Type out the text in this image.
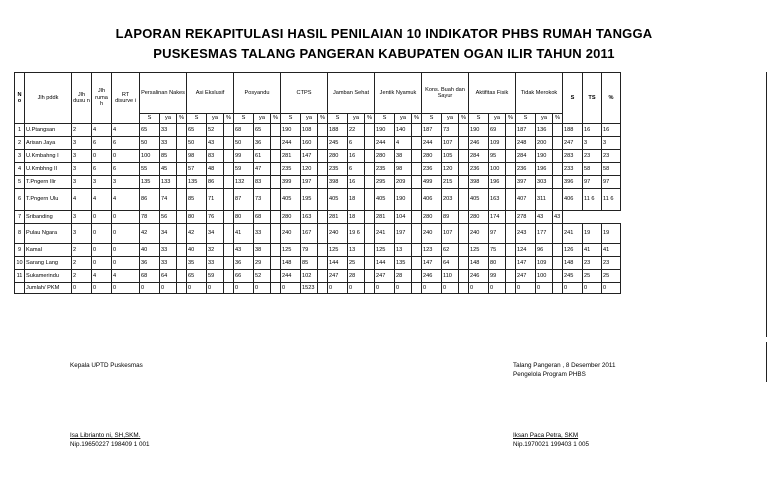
LAPORAN REKAPITULASI HASIL PENILAIAN 10 INDIKATOR PHBS RUMAH TANGGA
PUSKESMAS TALANG PANGERAN KABUPATEN OGAN ILIR TAHUN 2011
N o	Jlh pddk	Jlh dusu n	Jlh ruma h	RT disurve i	Persalinan Nakes			Asi Ekslusif			Posyandu			CTPS			Jamban Sehat			Jentik Nyamuk			Kons. Buah dan Sayur			Aktifitas Fisik			Tidak Merokok			S	TS	%
					S	ya	%	S	ya	%	S	ya	%	S	ya	%	S	ya	%	S	ya	%	S	ya	%	S	ya	%	S	ya	%			
1	U.Ptangsan	2	4	4	65	33		65	52		68	65		190	108		188	22		190	140		187	73		190	69		187	136		188	16	16
2	Arisan Jaya	3	6	6	50	33		50	43		50	36		244	160		245	6		244	4		244	107		246	109		248	200		247	3	3
3	U.Kmbahng I	3	0	0	100	85		98	83		99	61		281	147		280	16		280	38		280	105		284	95		284	190		283	23	23
4	U.Kmbhng II	3	6	6	55	45		57	48		59	47		235	120		235	6		235	98		236	120		236	100		236	196		233	58	58
5	T.Pngern Ilir	3	3	3	135	133		135	86		132	83		399	197		398	16		295	209		499	215		398	196		397	303		396	97	97
6	T.Pngern Ulu	4	4	4	86	74		85	71		87	73		405	195		405	18		405	190		406	203		405	163		407	311		406	11 6	11 6
7	Sribanding	3	0	0	78	56		80	76		80	68		280	163		281	18		281	104		280	89		280	174		278	43	43			
8	Pulau Ngara	3	0	0	42	34		42	34		41	33		240	167		240	19 6		241	197		240	107		240	97		243	177		241	19	19
9	Kamal	2	0	0	40	33		40	32		43	38		125	79		125	13		125	13		123	62		125	75		124	96		126	41	41
10	Sarang Lang	2	0	0	36	33		35	33		36	29		148	85		144	25		144	135		147	64		148	80		147	109		148	23	23
11	Sukamerindu	2	4	4	68	64		65	59		66	52		244	102		247	28		247	28		246	110		246	99		247	100		245	25	25
	Jumlah/ PKM	0	0	0	0	0		0	0		0	0		0	1523		0	0		0	0		0	0		0	0		0	0		0	0	0
Kepala UPTD Puskesmas
Isa Librianto ni, SH,SKM.
Nip.19650227 198409 1 001
Talang Pangeran , 8 Desember 2011
Pengelola Program PHBS
Iksan Paca Petra, SKM
Nip.1970021 199403 1 005
